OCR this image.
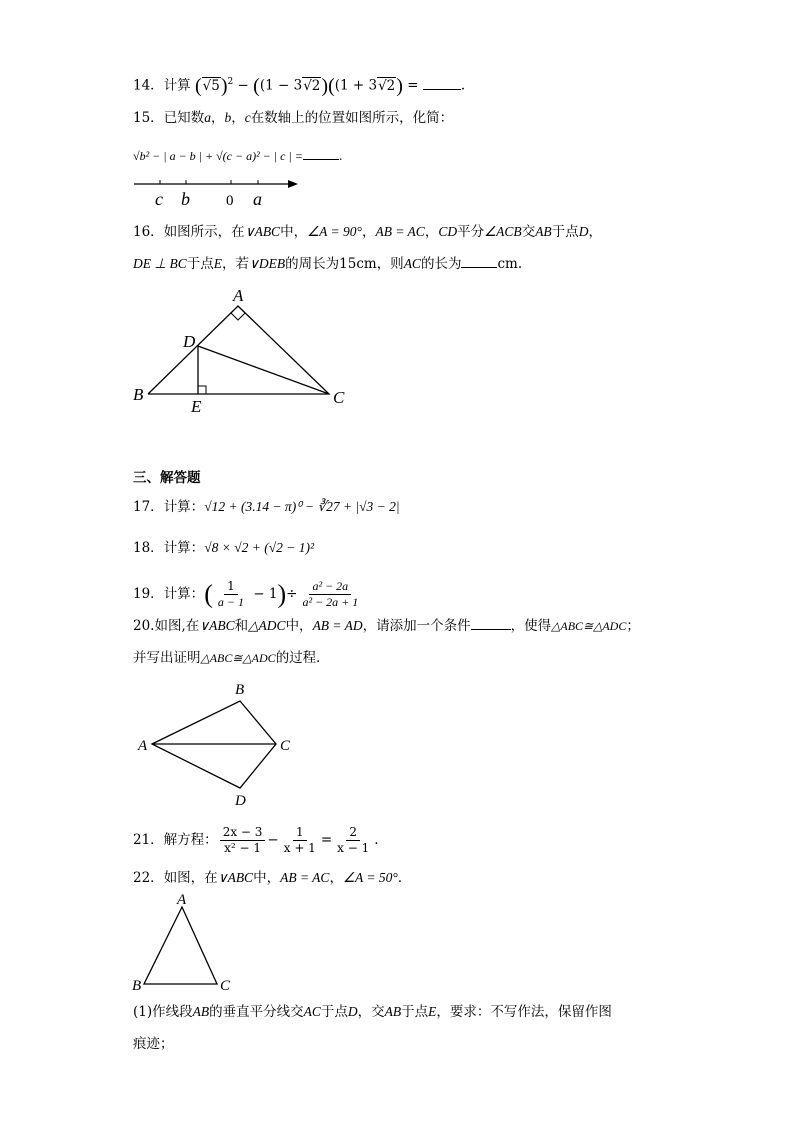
14．计算 $(√5)^2 - ((1 - 3√2)((1 + 3√2)$ =	.
15．已知数a，b，c在数轴上的位置如图所示，化简：
√b² − | a − b | + √(c − a)² − | c | =	.
c b 0 a
16．如图所示，在∨ABC中，∠A = 90°，AB = AC，CD平分∠ACB交AB于点D，
DE ⊥ BC于点E，若∨DEB的周长为15cm，则AC的长为	cm.
A
B	C
D
E
三、解答题
17．计算：√12 + (3.14 − π)⁰ − ∛27 + |√3 − 2|
18．计算：√8 × √2 + (√2 − 1)²
19．计算：( $\frac{1}{a - 1} - 1)\div \frac{\text{a² − 2a}}{\text{a² − 2a + 1}}$
20.如图,在∨ABC和△ADC中，AB = AD，请添加一个条件	，使得△ABC≅△ADC；
并写出证明△ABC≅△ADC的过程．
A
B
C
D
21．解方程： $\frac{2x - 3}{\text{x² − 1}} - \frac{1}{x + 1} = \frac{2}{x - 1}$ .
22．如图，在∨ABC中，AB = AC，∠A = 50°．
A
B	C
(1)作线段AB的垂直平分线交AC于点D，交AB于点E，要求：不写作法，保留作图
痕迹；
